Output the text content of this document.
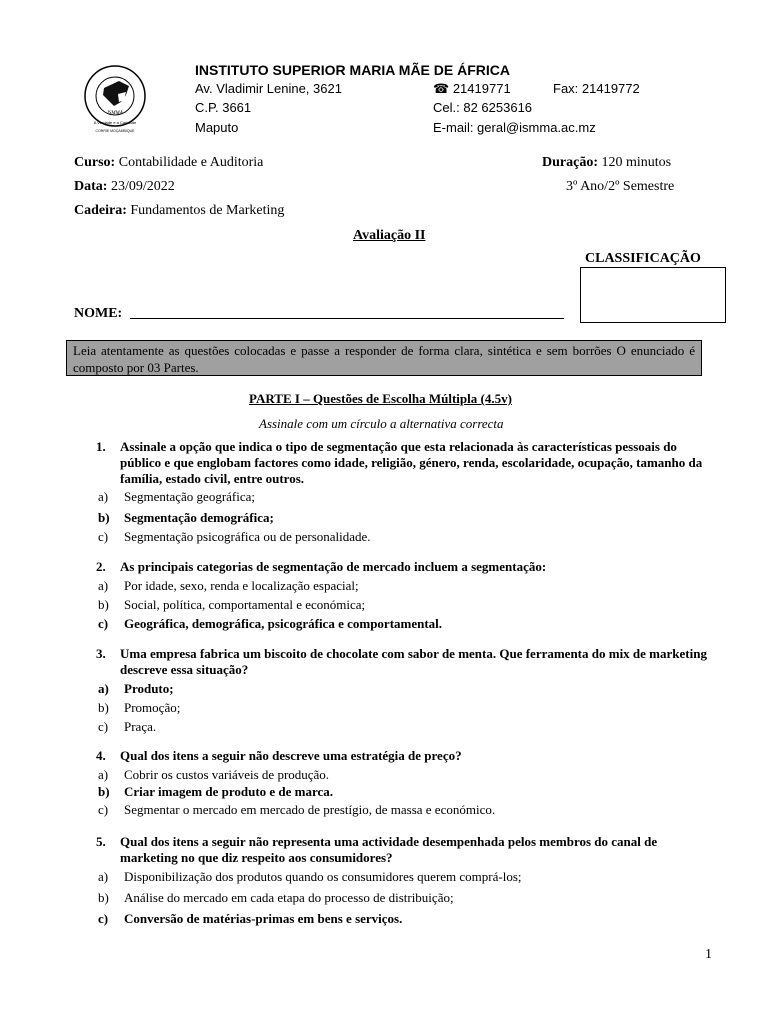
A Verdade e a Caridade
CORRIE MOÇAMBIQUE
ISMMA
INSTITUTO SUPERIOR MARIA MÃE DE ÁFRICA
Av. Vladimir Lenine, 3621
C.P. 3661
Maputo
☎ 21419771	Fax: 21419772
Cel.: 82 6253616
E-mail: geral@ismma.ac.mz
Curso: Contabilidade e Auditoria	Duração: 120 minutos
Data: 23/09/2022	3º Ano/2º Semestre
Cadeira: Fundamentos de Marketing
Avaliação II
CLASSIFICAÇÃO
NOME:
Leia atentamente as questões colocadas e passe a responder de forma clara, sintética e sem borrões O enunciado é composto por 03 Partes.
PARTE I – Questões de Escolha Múltipla (4.5v)
Assinale com um círculo a alternativa correcta
1. Assinale a opção que indica o tipo de segmentação que esta relacionada às características pessoais do público e que englobam factores como idade, religião, género, renda, escolaridade, ocupação, tamanho da família, estado civil, entre outros.
a) Segmentação geográfica;
b) Segmentação demográfica;
c) Segmentação psicográfica ou de personalidade.
2. As principais categorias de segmentação de mercado incluem a segmentação:
a) Por idade, sexo, renda e localização espacial;
b) Social, política, comportamental e económica;
c) Geográfica, demográfica, psicográfica e comportamental.
3. Uma empresa fabrica um biscoito de chocolate com sabor de menta. Que ferramenta do mix de marketing descreve essa situação?
a) Produto;
b) Promoção;
c) Praça.
4. Qual dos itens a seguir não descreve uma estratégia de preço?
a) Cobrir os custos variáveis de produção.
b) Criar imagem de produto e de marca.
c) Segmentar o mercado em mercado de prestígio, de massa e económico.
5. Qual dos itens a seguir não representa uma actividade desempenhada pelos membros do canal de marketing no que diz respeito aos consumidores?
a) Disponibilização dos produtos quando os consumidores querem comprá-los;
b) Análise do mercado em cada etapa do processo de distribuição;
c) Conversão de matérias-primas em bens e serviços.
1
